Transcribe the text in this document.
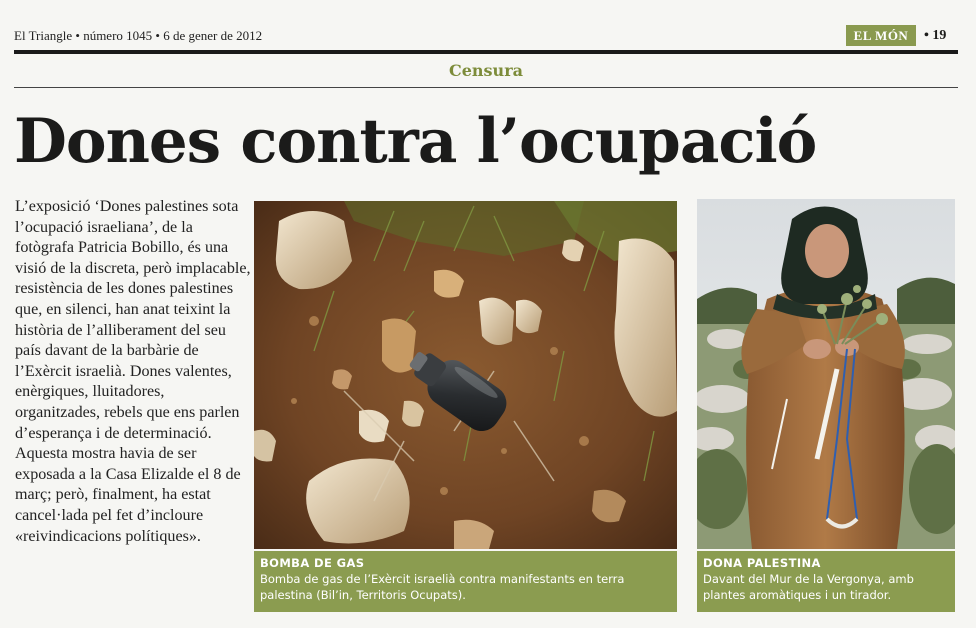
El Triangle • número 1045 • 6 de gener de 2012	EL MÓN	• 19
Censura
Dones contra l’ocupació

L’exposició ‘Dones palestines sota l’ocupació israeliana’, de la fotògrafa Patricia Bobillo, és una visió de la discreta, però implacable, resistència de les dones palestines que, en silenci, han anat teixint la història de l’alliberament del seu país davant de la barbàrie de l’Exèrcit israelià. Dones valentes, enèrgiques, lluitadores, organitzades, rebels que ens parlen d’esperança i de determinació.

Aquesta mostra havia de ser exposada a la Casa Elizalde el 8 de març; però, finalment, ha estat cancel·lada pel fet d’incloure «reivindicacions polítiques».

BOMBA DE GAS
Bomba de gas de l’Exèrcit israelià contra manifestants en terra palestina (Bil’in, Territoris Ocupats).
DONA PALESTINA
Davant del Mur de la Vergonya, amb plantes aromàtiques i un tirador.
